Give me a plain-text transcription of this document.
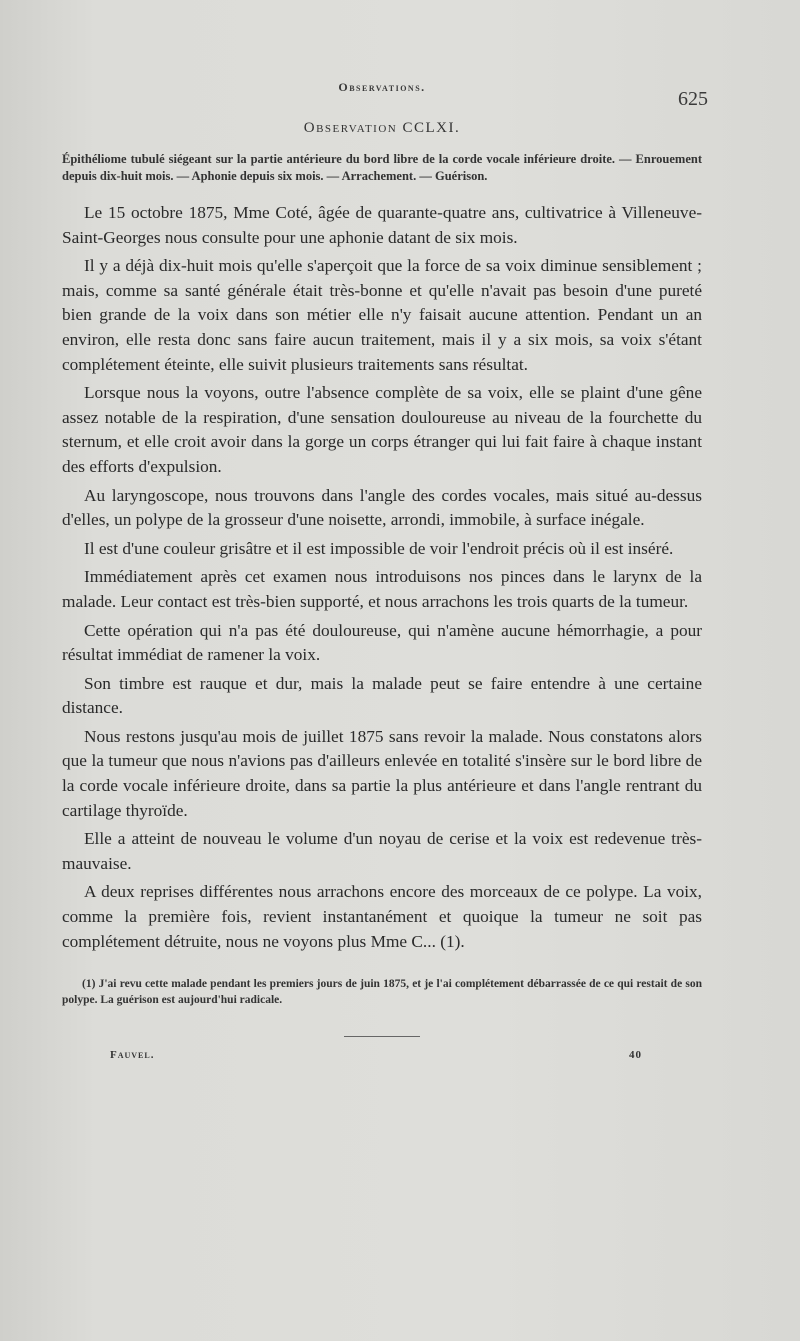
Observations.
625
Observation CCLXI.
Épithéliome tubulé siégeant sur la partie antérieure du bord libre de la corde vocale inférieure droite. — Enrouement depuis dix-huit mois. — Aphonie depuis six mois. — Arrachement. — Guérison.

Le 15 octobre 1875, Mme Coté, âgée de quarante-quatre ans, cultivatrice à Villeneuve-Saint-Georges nous consulte pour une aphonie datant de six mois.

Il y a déjà dix-huit mois qu'elle s'aperçoit que la force de sa voix diminue sensiblement ; mais, comme sa santé générale était très-bonne et qu'elle n'avait pas besoin d'une pureté bien grande de la voix dans son métier elle n'y faisait aucune attention. Pendant un an environ, elle resta donc sans faire aucun traitement, mais il y a six mois, sa voix s'étant complétement éteinte, elle suivit plusieurs traitements sans résultat.

Lorsque nous la voyons, outre l'absence complète de sa voix, elle se plaint d'une gêne assez notable de la respiration, d'une sensation douloureuse au niveau de la fourchette du sternum, et elle croit avoir dans la gorge un corps étranger qui lui fait faire à chaque instant des efforts d'expulsion.

Au laryngoscope, nous trouvons dans l'angle des cordes vocales, mais situé au-dessus d'elles, un polype de la grosseur d'une noisette, arrondi, immobile, à surface inégale.

Il est d'une couleur grisâtre et il est impossible de voir l'endroit précis où il est inséré.

Immédiatement après cet examen nous introduisons nos pinces dans le larynx de la malade. Leur contact est très-bien supporté, et nous arrachons les trois quarts de la tumeur.

Cette opération qui n'a pas été douloureuse, qui n'amène aucune hémorrhagie, a pour résultat immédiat de ramener la voix.

Son timbre est rauque et dur, mais la malade peut se faire entendre à une certaine distance.

Nous restons jusqu'au mois de juillet 1875 sans revoir la malade. Nous constatons alors que la tumeur que nous n'avions pas d'ailleurs enlevée en totalité s'insère sur le bord libre de la corde vocale inférieure droite, dans sa partie la plus antérieure et dans l'angle rentrant du cartilage thyroïde.

Elle a atteint de nouveau le volume d'un noyau de cerise et la voix est redevenue très-mauvaise.

A deux reprises différentes nous arrachons encore des morceaux de ce polype. La voix, comme la première fois, revient instantanément et quoique la tumeur ne soit pas complétement détruite, nous ne voyons plus Mme C... (1).

(1) J'ai revu cette malade pendant les premiers jours de juin 1875, et je l'ai complétement débarrassée de ce qui restait de son polype. La guérison est aujourd'hui radicale.
Fauvel.	40
